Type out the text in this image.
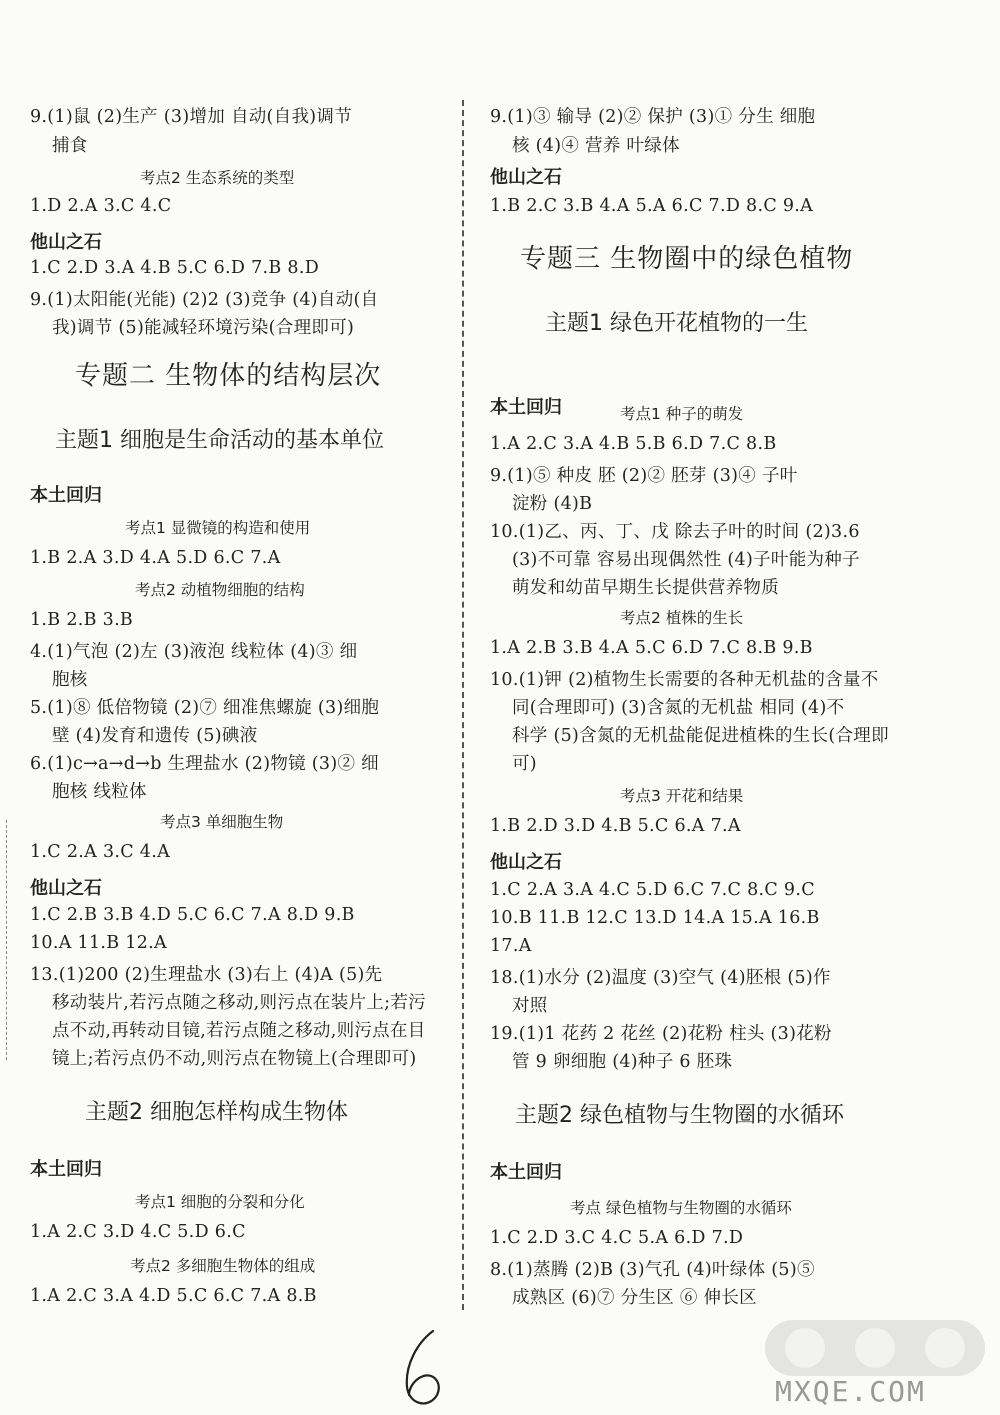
9.(1)鼠 (2)生产 (3)增加 自动(自我)调节
捕食
考点2 生态系统的类型
1.D 2.A 3.C 4.C
他山之石
1.C 2.D 3.A 4.B 5.C 6.D 7.B 8.D
9.(1)太阳能(光能) (2)2 (3)竞争 (4)自动(自
我)调节 (5)能减轻环境污染(合理即可)
专题二 生物体的结构层次
主题1 细胞是生命活动的基本单位
本土回归
考点1 显微镜的构造和使用
1.B 2.A 3.D 4.A 5.D 6.C 7.A
考点2 动植物细胞的结构
1.B 2.B 3.B
4.(1)气泡 (2)左 (3)液泡 线粒体 (4)③ 细
胞核
5.(1)⑧ 低倍物镜 (2)⑦ 细准焦螺旋 (3)细胞
壁 (4)发育和遗传 (5)碘液
6.(1)c→a→d→b 生理盐水 (2)物镜 (3)② 细
胞核 线粒体
考点3 单细胞生物
1.C 2.A 3.C 4.A
他山之石
1.C 2.B 3.B 4.D 5.C 6.C 7.A 8.D 9.B
10.A 11.B 12.A
13.(1)200 (2)生理盐水 (3)右上 (4)A (5)先
移动装片,若污点随之移动,则污点在装片上;若污
点不动,再转动目镜,若污点随之移动,则污点在目
镜上;若污点仍不动,则污点在物镜上(合理即可)
主题2 细胞怎样构成生物体
本土回归
考点1 细胞的分裂和分化
1.A 2.C 3.D 4.C 5.D 6.C
考点2 多细胞生物体的组成
1.A 2.C 3.A 4.D 5.C 6.C 7.A 8.B
9.(1)③ 输导 (2)② 保护 (3)① 分生 细胞
核 (4)④ 营养 叶绿体
他山之石
1.B 2.C 3.B 4.A 5.A 6.C 7.D 8.C 9.A
专题三 生物圈中的绿色植物
主题1 绿色开花植物的一生
本土回归	考点1 种子的萌发
1.A 2.C 3.A 4.B 5.B 6.D 7.C 8.B
9.(1)⑤ 种皮 胚 (2)② 胚芽 (3)④ 子叶
淀粉 (4)B
10.(1)乙、丙、丁、戊 除去子叶的时间 (2)3.6
(3)不可靠 容易出现偶然性 (4)子叶能为种子
萌发和幼苗早期生长提供营养物质
考点2 植株的生长
1.A 2.B 3.B 4.A 5.C 6.D 7.C 8.B 9.B
10.(1)钾 (2)植物生长需要的各种无机盐的含量不
同(合理即可) (3)含氮的无机盐 相同 (4)不
科学 (5)含氮的无机盐能促进植株的生长(合理即
可)
考点3 开花和结果
1.B 2.D 3.D 4.B 5.C 6.A 7.A
他山之石
1.C 2.A 3.A 4.C 5.D 6.C 7.C 8.C 9.C
10.B 11.B 12.C 13.D 14.A 15.A 16.B
17.A
18.(1)水分 (2)温度 (3)空气 (4)胚根 (5)作
对照
19.(1)1 花药 2 花丝 (2)花粉 柱头 (3)花粉
管 9 卵细胞 (4)种子 6 胚珠
主题2 绿色植物与生物圈的水循环
本土回归
考点 绿色植物与生物圈的水循环
1.C 2.D 3.C 4.C 5.A 6.D 7.D
8.(1)蒸腾 (2)B (3)气孔 (4)叶绿体 (5)⑤
成熟区 (6)⑦ 分生区 ⑥ 伸长区
MXQE.COM
